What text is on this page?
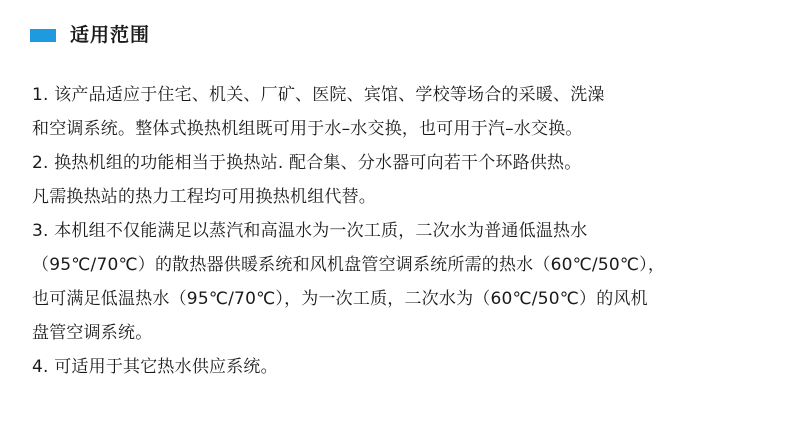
适用范围
1. 该产品适应于住宅、机关、厂矿、医院、宾馆、学校等场合的采暖、洗澡
和空调系统。整体式换热机组既可用于水–水交换，也可用于汽–水交换。
2. 换热机组的功能相当于换热站. 配合集、分水器可向若干个环路供热。
凡需换热站的热力工程均可用换热机组代替。
3. 本机组不仅能满足以蒸汽和高温水为一次工质，二次水为普通低温热水
（95℃/70℃）的散热器供暖系统和风机盘管空调系统所需的热水（60℃/50℃），
也可满足低温热水（95℃/70℃），为一次工质，二次水为（60℃/50℃）的风机
盘管空调系统。
4. 可适用于其它热水供应系统。
